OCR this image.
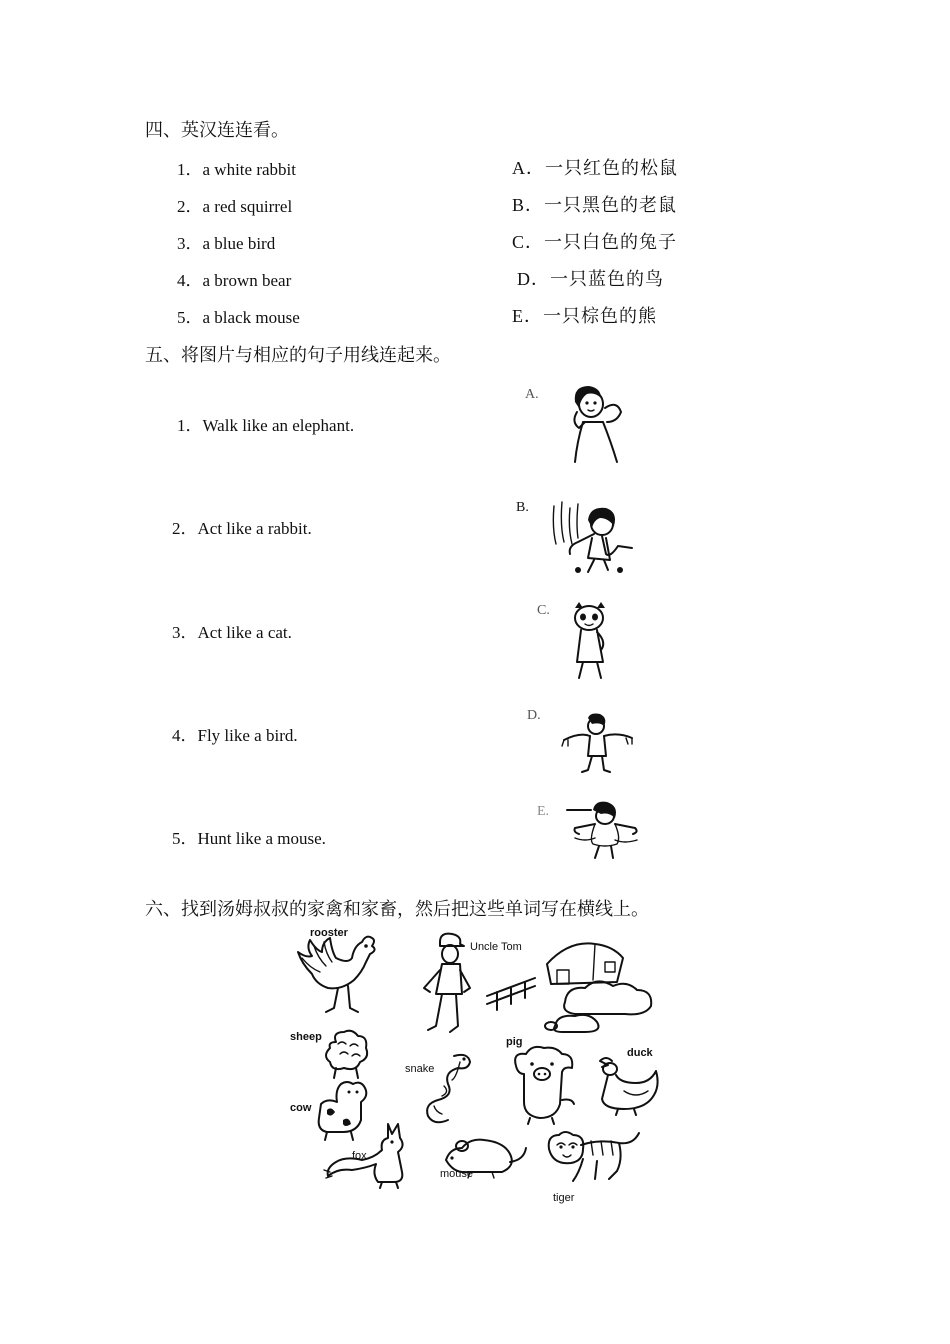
四、英汉连连看。
1．a white rabbit
2．a red squirrel
3．a blue bird
4．a brown bear
5．a black mouse
A．一只红色的松鼠
B．一只黑色的老鼠
C．一只白色的兔子
D．一只蓝色的鸟
E．一只棕色的熊
五、将图片与相应的句子用线连起来。
1．Walk like an elephant.
2．Act like a rabbit.
3．Act like a cat.
4．Fly like a bird.
5．Hunt like a mouse.
A.
B.
C.
D.
E.
六、找到汤姆叔叔的家禽和家畜，然后把这些单词写在横线上。
rooster
Uncle Tom
sheep
snake
pig
duck
cow
fox
mouse
tiger
